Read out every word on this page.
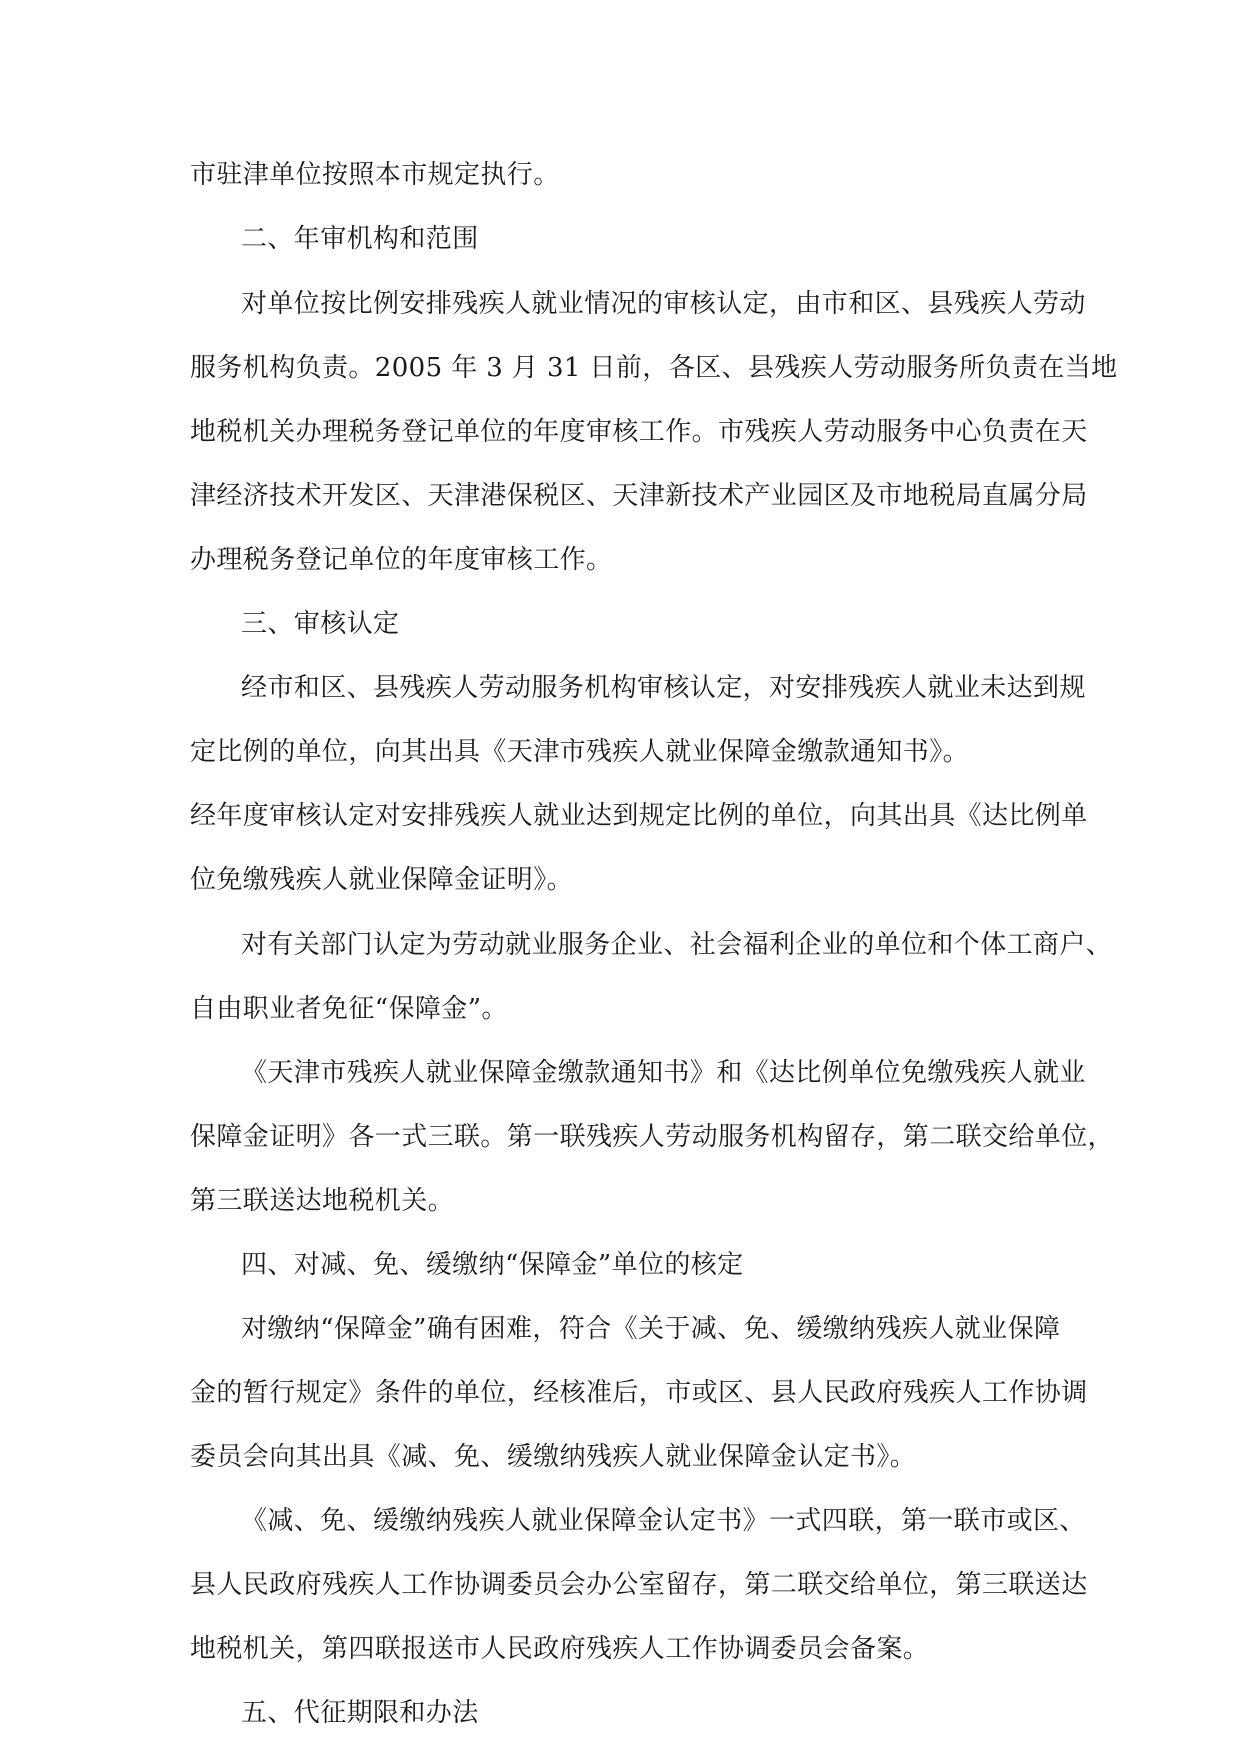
市驻津单位按照本市规定执行。
二、年审机构和范围
对单位按比例安排残疾人就业情况的审核认定，由市和区、县残疾人劳动
服务机构负责。2005 年 3 月 31 日前，各区、县残疾人劳动服务所负责在当地
地税机关办理税务登记单位的年度审核工作。市残疾人劳动服务中心负责在天
津经济技术开发区、天津港保税区、天津新技术产业园区及市地税局直属分局
办理税务登记单位的年度审核工作。
三、审核认定
经市和区、县残疾人劳动服务机构审核认定，对安排残疾人就业未达到规
定比例的单位，向其出具《天津市残疾人就业保障金缴款通知书》。
经年度审核认定对安排残疾人就业达到规定比例的单位，向其出具《达比例单
位免缴残疾人就业保障金证明》。
对有关部门认定为劳动就业服务企业、社会福利企业的单位和个体工商户、
自由职业者免征“保障金”。
《天津市残疾人就业保障金缴款通知书》和《达比例单位免缴残疾人就业
保障金证明》各一式三联。第一联残疾人劳动服务机构留存，第二联交给单位，
第三联送达地税机关。
四、对减、免、缓缴纳“保障金”单位的核定
对缴纳“保障金”确有困难，符合《关于减、免、缓缴纳残疾人就业保障
金的暂行规定》条件的单位，经核准后，市或区、县人民政府残疾人工作协调
委员会向其出具《减、免、缓缴纳残疾人就业保障金认定书》。
《减、免、缓缴纳残疾人就业保障金认定书》一式四联，第一联市或区、
县人民政府残疾人工作协调委员会办公室留存，第二联交给单位，第三联送达
地税机关，第四联报送市人民政府残疾人工作协调委员会备案。
五、代征期限和办法
